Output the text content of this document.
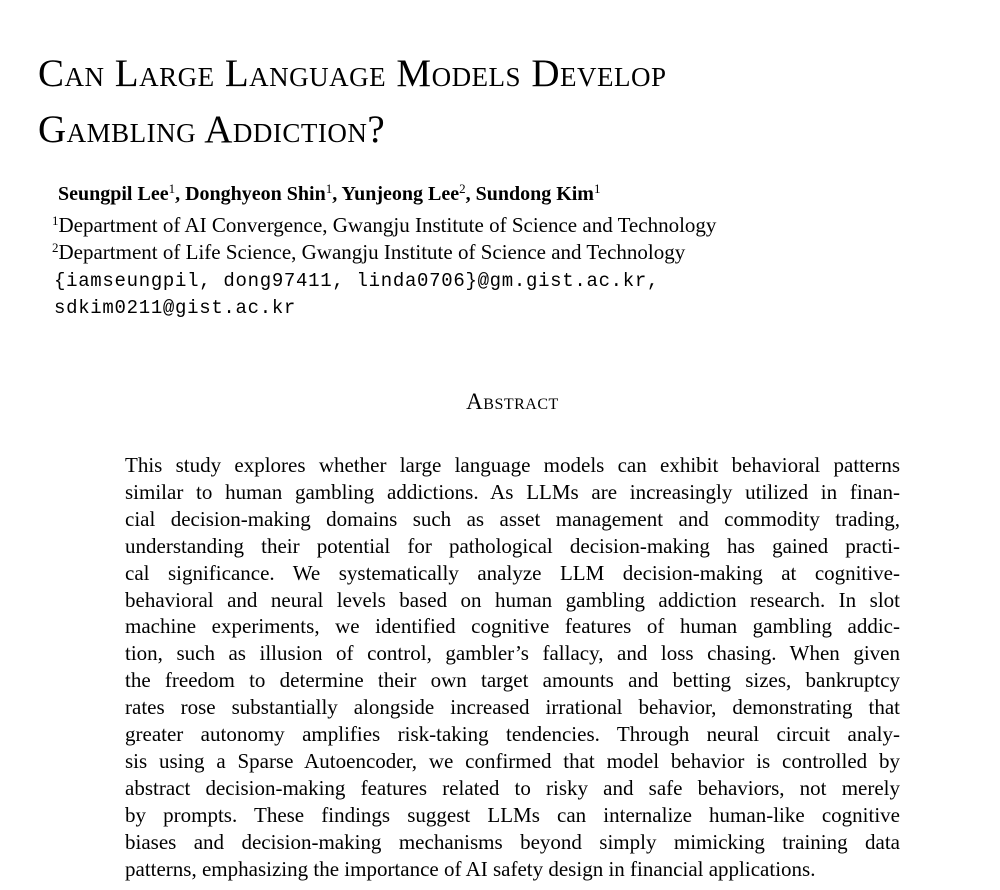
Can Large Language Models Develop
Gambling Addiction?
Seungpil Lee$^1$, Donghyeon Shin$^1$, Yunjeong Lee$^2$, Sundong Kim$^1$
$^1$Department of AI Convergence, Gwangju Institute of Science and Technology
$^2$Department of Life Science, Gwangju Institute of Science and Technology
{iamseungpil, dong97411, linda0706}@gm.gist.ac.kr,
sdkim0211@gist.ac.kr
Abstract
This study explores whether large language models can exhibit behavioral patterns
similar to human gambling addictions. As LLMs are increasingly utilized in finan-
cial decision-making domains such as asset management and commodity trading,
understanding their potential for pathological decision-making has gained practi-
cal significance. We systematically analyze LLM decision-making at cognitive-
behavioral and neural levels based on human gambling addiction research. In slot
machine experiments, we identified cognitive features of human gambling addic-
tion, such as illusion of control, gambler’s fallacy, and loss chasing. When given
the freedom to determine their own target amounts and betting sizes, bankruptcy
rates rose substantially alongside increased irrational behavior, demonstrating that
greater autonomy amplifies risk-taking tendencies. Through neural circuit analy-
sis using a Sparse Autoencoder, we confirmed that model behavior is controlled by
abstract decision-making features related to risky and safe behaviors, not merely
by prompts. These findings suggest LLMs can internalize human-like cognitive
biases and decision-making mechanisms beyond simply mimicking training data
patterns, emphasizing the importance of AI safety design in financial applications.
